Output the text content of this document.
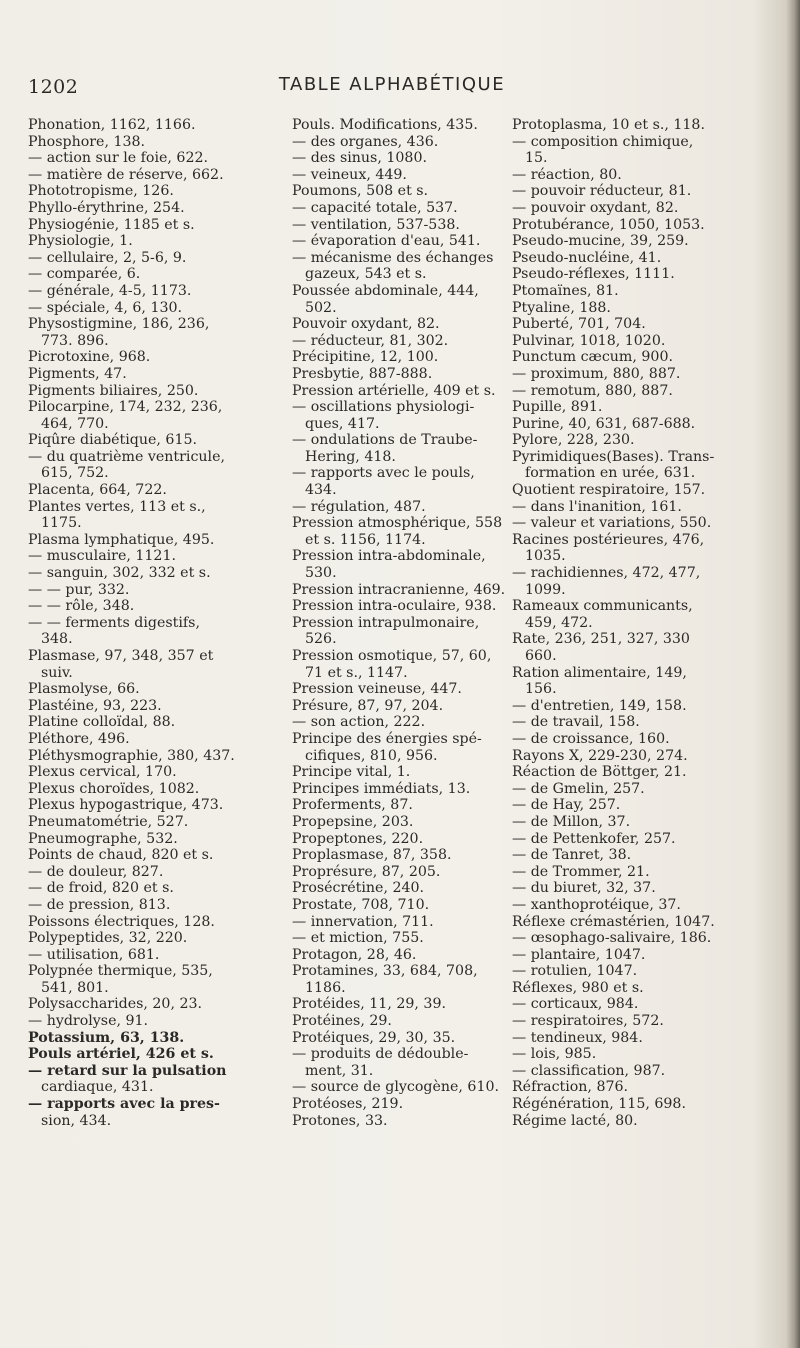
1202	TABLE ALPHABÉTIQUE
Phonation, 1162, 1166.
Phosphore, 138.
— action sur le foie, 622.
— matière de réserve, 662.
Phototropisme, 126.
Phyllo-érythrine, 254.
Physiogénie, 1185 et s.
Physiologie, 1.
— cellulaire, 2, 5-6, 9.
— comparée, 6.
— générale, 4-5, 1173.
— spéciale, 4, 6, 130.
Physostigmine, 186, 236,
773. 896.
Picrotoxine, 968.
Pigments, 47.
Pigments biliaires, 250.
Pilocarpine, 174, 232, 236,
464, 770.
Piqûre diabétique, 615.
— du quatrième ventricule,
615, 752.
Placenta, 664, 722.
Plantes vertes, 113 et s.,
1175.
Plasma lymphatique, 495.
— musculaire, 1121.
— sanguin, 302, 332 et s.
— — pur, 332.
— — rôle, 348.
— — ferments digestifs,
348.
Plasmase, 97, 348, 357 et
suiv.
Plasmolyse, 66.
Plastéine, 93, 223.
Platine colloïdal, 88.
Pléthore, 496.
Pléthysmographie, 380, 437.
Plexus cervical, 170.
Plexus choroïdes, 1082.
Plexus hypogastrique, 473.
Pneumatométrie, 527.
Pneumographe, 532.
Points de chaud, 820 et s.
— de douleur, 827.
— de froid, 820 et s.
— de pression, 813.
Poissons électriques, 128.
Polypeptides, 32, 220.
— utilisation, 681.
Polypnée thermique, 535,
541, 801.
Polysaccharides, 20, 23.
— hydrolyse, 91.
Potassium, 63, 138.
Pouls artériel, 426 et s.
— retard sur la pulsation
cardiaque, 431.
— rapports avec la pres-
sion, 434.
Pouls. Modifications, 435.
— des organes, 436.
— des sinus, 1080.
— veineux, 449.
Poumons, 508 et s.
— capacité totale, 537.
— ventilation, 537-538.
— évaporation d'eau, 541.
— mécanisme des échanges
gazeux, 543 et s.
Poussée abdominale, 444,
502.
Pouvoir oxydant, 82.
— réducteur, 81, 302.
Précipitine, 12, 100.
Presbytie, 887-888.
Pression artérielle, 409 et s.
— oscillations physiologi-
ques, 417.
— ondulations de Traube-
Hering, 418.
— rapports avec le pouls,
434.
— régulation, 487.
Pression atmosphérique, 558
et s. 1156, 1174.
Pression intra-abdominale,
530.
Pression intracranienne, 469.
Pression intra-oculaire, 938.
Pression intrapulmonaire,
526.
Pression osmotique, 57, 60,
71 et s., 1147.
Pression veineuse, 447.
Présure, 87, 97, 204.
— son action, 222.
Principe des énergies spé-
cifiques, 810, 956.
Principe vital, 1.
Principes immédiats, 13.
Proferments, 87.
Propepsine, 203.
Propeptones, 220.
Proplasmase, 87, 358.
Proprésure, 87, 205.
Prosécrétine, 240.
Prostate, 708, 710.
— innervation, 711.
— et miction, 755.
Protagon, 28, 46.
Protamines, 33, 684, 708,
1186.
Protéides, 11, 29, 39.
Protéines, 29.
Protéiques, 29, 30, 35.
— produits de dédouble-
ment, 31.
— source de glycogène, 610.
Protéoses, 219.
Protones, 33.
Protoplasma, 10 et s., 118.
— composition chimique,
15.
— réaction, 80.
— pouvoir réducteur, 81.
— pouvoir oxydant, 82.
Protubérance, 1050, 1053.
Pseudo-mucine, 39, 259.
Pseudo-nucléine, 41.
Pseudo-réflexes, 1111.
Ptomaïnes, 81.
Ptyaline, 188.
Puberté, 701, 704.
Pulvinar, 1018, 1020.
Punctum cæcum, 900.
— proximum, 880, 887.
— remotum, 880, 887.
Pupille, 891.
Purine, 40, 631, 687-688.
Pylore, 228, 230.
Pyrimidiques(Bases). Trans-
formation en urée, 631.
Quotient respiratoire, 157.
— dans l'inanition, 161.
— valeur et variations, 550.
Racines postérieures, 476,
1035.
— rachidiennes, 472, 477,
1099.
Rameaux communicants,
459, 472.
Rate, 236, 251, 327, 330
660.
Ration alimentaire, 149,
156.
— d'entretien, 149, 158.
— de travail, 158.
— de croissance, 160.
Rayons X, 229-230, 274.
Réaction de Böttger, 21.
— de Gmelin, 257.
— de Hay, 257.
— de Millon, 37.
— de Pettenkofer, 257.
— de Tanret, 38.
— de Trommer, 21.
— du biuret, 32, 37.
— xanthoprotéique, 37.
Réflexe crémastérien, 1047.
— œsophago-salivaire, 186.
— plantaire, 1047.
— rotulien, 1047.
Réflexes, 980 et s.
— corticaux, 984.
— respiratoires, 572.
— tendineux, 984.
— lois, 985.
— classification, 987.
Réfraction, 876.
Régénération, 115, 698.
Régime lacté, 80.
